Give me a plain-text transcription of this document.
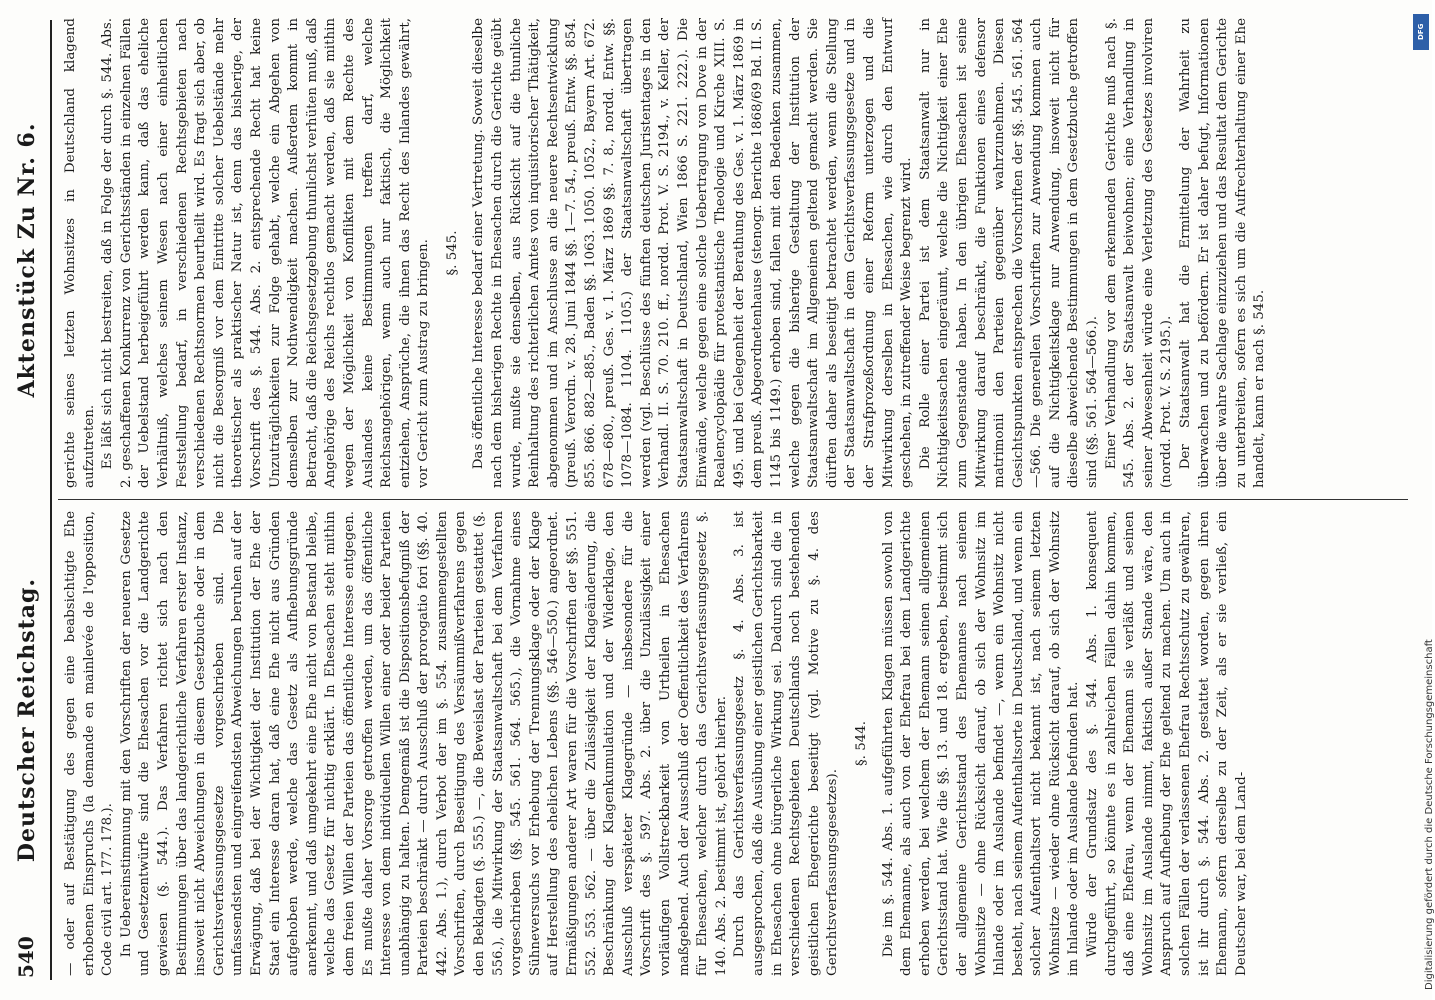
540
Deutscher Reichstag.
Aktenstück Zu Nr. 6.

— oder auf Bestätigung des gegen eine beabsichtigte Ehe erhobenen Einspruchs (la demande en mainlevée de l'opposition, Code civil art. 177. 178.). In Uebereinstimmung mit den Vorschriften der neueren Gesetze und Gesetzentwürfe sind die Ehesachen vor die Landgerichte gewiesen (§. 544.). Das Verfahren richtet sich nach den Bestimmungen über das landgerichtliche Verfahren erster Instanz, insoweit nicht Abweichungen in diesem Gesetzbuche oder in dem Gerichtsverfassungsgesetze vorgeschrieben sind. Die umfassendsten und eingreifendsten Abweichungen beruhen auf der Erwägung, daß bei der Wichtigkeit der Institution der Ehe der Staat ein Interesse daran hat, daß eine Ehe nicht aus Gründen aufgehoben werde, welche das Gesetz als Aufhebungsgründe anerkennt, und daß umgekehrt eine Ehe nicht von Bestand bleibe, welche das Gesetz für nichtig erklärt. In Ehesachen steht mithin dem freien Willen der Parteien das öffentliche Interesse entgegen. Es mußte daher Vorsorge getroffen werden, um das öffentliche Interesse von dem individuellen Willen einer oder beider Parteien unabhängig zu halten. Demgemäß ist die Dispositionsbefugniß der Parteien beschränkt — durch Ausschluß der prorogatio fori (§§. 40. 442. Abs. 1.), durch Verbot der im §. 554. zusammengestellten Vorschriften, durch Beseitigung des Versäumnißverfahrens gegen den Beklagten (§. 555.) —, die Beweislast der Parteien gestattet (§. 556.), die Mitwirkung der Staatsanwaltschaft bei dem Verfahren vorgeschrieben (§§. 545. 561. 564. 565.), die Vornahme eines Sühneversuchs vor Erhebung der Trennungsklage oder der Klage auf Herstellung des ehelichen Lebens (§§. 546—550.) angeordnet. Ermäßigungen anderer Art waren für die Vorschriften der §§. 551. 552. 553. 562. — über die Zulässigkeit der Klageänderung, die Beschränkung der Klagenkumulation und der Widerklage, den Ausschluß verspäteter Klagegründe — insbesondere für die Vorschrift des §. 597. Abs. 2. über die Unzulässigkeit einer vorläufigen Vollstreckbarkeit von Urtheilen in Ehesachen maßgebend. Auch der Ausschluß der Oeffentlichkeit des Verfahrens für Ehesachen, welcher durch das Gerichtsverfassungsgesetz §. 140. Abs. 2. bestimmt ist, gehört hierher. Durch das Gerichtsverfassungsgesetz §. 4. Abs. 3. ist ausgesprochen, daß die Ausübung einer geistlichen Gerichtsbarkeit in Ehesachen ohne bürgerliche Wirkung sei. Dadurch sind die in verschiedenen Rechtsgebieten Deutschlands noch bestehenden geistlichen Ehegerichte beseitigt (vgl. Motive zu §. 4. des Gerichtsverfassungsgesetzes).

§. 544. Die im §. 544. Abs. 1. aufgeführten Klagen müssen sowohl von dem Ehemanne, als auch von der Ehefrau bei dem Landgerichte erhoben werden, bei welchem der Ehemann seinen allgemeinen Gerichtsstand hat. Wie die §§. 13. und 18. ergeben, bestimmt sich der allgemeine Gerichtsstand des Ehemannes nach seinem Wohnsitze — ohne Rücksicht darauf, ob sich der Wohnsitz im Inlande oder im Auslande befindet —, wenn ein Wohnsitz nicht besteht, nach seinem Aufenthaltsorte in Deutschland, und wenn ein solcher Aufenthaltsort nicht bekannt ist, nach seinem letzten Wohnsitze — wieder ohne Rücksicht darauf, ob sich der Wohnsitz im Inlande oder im Auslande befunden hat. Würde der Grundsatz des §. 544. Abs. 1. konsequent durchgeführt, so könnte es in zahlreichen Fällen dahin kommen, daß eine Ehefrau, wenn der Ehemann sie verläßt und seinen Wohnsitz im Auslande nimmt, faktisch außer Stande wäre, den Anspruch auf Aufhebung der Ehe geltend zu machen. Um auch in solchen Fällen der verlassenen Ehefrau Rechtsschutz zu gewähren, ist ihr durch §. 544. Abs. 2. gestattet worden, gegen ihren Ehemann, sofern derselbe zu der Zeit, als er sie verließ, ein Deutscher war, bei dem Land-

gerichte seines letzten Wohnsitzes in Deutschland klagend aufzutreten. Es läßt sich nicht bestreiten, daß in Folge der durch §. 544. Abs. 2. geschaffenen Konkurrenz von Gerichtsständen in einzelnen Fällen der Uebelstand herbeigeführt werden kann, daß das eheliche Verhältniß, welches seinem Wesen nach einer einheitlichen Feststellung bedarf, in verschiedenen Rechtsgebieten nach verschiedenen Rechtsnormen beurtheilt wird. Es fragt sich aber, ob nicht die Besorgniß vor dem Eintritte solcher Uebelstände mehr theoretischer als praktischer Natur ist, denn das bisherige, der Vorschrift des §. 544. Abs. 2. entsprechende Recht hat keine Unzuträglichkeiten zur Folge gehabt, welche ein Abgehen von demselben zur Nothwendigkeit machen. Außerdem kommt in Betracht, daß die Reichsgesetzgebung thunlichst verhüten muß, daß Angehörige des Reichs rechtlos gemacht werden, daß sie mithin wegen der Möglichkeit von Konflikten mit dem Rechte des Auslandes keine Bestimmungen treffen darf, welche Reichsangehörigen, wenn auch nur faktisch, die Möglichkeit entziehen, Ansprüche, die ihnen das Recht des Inlandes gewährt, vor Gericht zum Austrag zu bringen. §. 545. Das öffentliche Interesse bedarf einer Vertretung. Soweit dieselbe nach dem bisherigen Rechte in Ehesachen durch die Gerichte geübt wurde, mußte sie denselben, aus Rücksicht auf die thunliche Reinhaltung des richterlichen Amtes von inquisitorischer Thätigkeit, abgenommen und im Anschlusse an die neuere Rechtsentwicklung (preuß. Verordn. v. 28. Juni 1844 §§. 1—7. 54., preuß. Entw. §§. 854. 855. 866. 882—885., Baden §§. 1063. 1050. 1052., Bayern Art. 672. 678—680., preuß. Ges. v. 1. März 1869 §§. 7. 8., nordd. Entw. §§. 1078—1084. 1104. 1105.) der Staatsanwaltschaft übertragen werden (vgl. Beschlüsse des fünften deutschen Juristentages in den Verhandl. II. S. 70. 210. ff., nordd. Prot. V. S. 2194., v. Keller, der Staatsanwaltschaft in Deutschland, Wien 1866 S. 221. 222.). Die Einwände, welche gegen eine solche Uebertragung von Dove in der Realencyclopädie für protestantische Theologie und Kirche XIII. S. 495. und bei Gelegenheit der Berathung des Ges. v. 1. März 1869 in dem preuß. Abgeordnetenhause (stenogr. Berichte 1868/69 Bd. II. S. 1145 bis 1149.) erhoben sind, fallen mit den Bedenken zusammen, welche gegen die bisherige Gestaltung der Institution der Staatsanwaltschaft im Allgemeinen geltend gemacht werden. Sie dürften daher als beseitigt betrachtet werden, wenn die Stellung der Staatsanwaltschaft in dem Gerichtsverfassungsgesetze und in der Strafprozeßordnung einer Reform unterzogen und die Mitwirkung derselben in Ehesachen, wie durch den Entwurf geschehen, in zutreffender Weise begrenzt wird. Die Rolle einer Partei ist dem Staatsanwalt nur in Nichtigkeitssachen eingeräumt, welche die Nichtigkeit einer Ehe zum Gegenstande haben. In den übrigen Ehesachen ist seine Mitwirkung darauf beschränkt, die Funktionen eines defensor matrimonii den Parteien gegenüber wahrzunehmen. Diesen Gesichtspunkten entsprechen die Vorschriften der §§. 545. 561. 564—566. Die generellen Vorschriften zur Anwendung kommen auch auf die Nichtigkeitsklage nur Anwendung, insoweit nicht für dieselbe abweichende Bestimmungen in dem Gesetzbuche getroffen sind (§§. 561. 564—566.). Einer Verhandlung vor dem erkennenden Gerichte muß nach §. 545. Abs. 2. der Staatsanwalt beiwohnen; eine Verhandlung in seiner Abwesenheit würde eine Verletzung des Gesetzes involviren (nordd. Prot. V. S. 2195.). Der Staatsanwalt hat die Ermittelung der Wahrheit zu überwachen und zu befördern. Er ist daher befugt, Informationen über die wahre Sachlage einzuziehen und das Resultat dem Gerichte zu unterbreiten, sofern es sich um die Aufrechterhaltung einer Ehe handelt, kann er nach §. 545.

Digitalisierung gefördert durch die Deutsche Forschungsgemeinschaft
DFG
